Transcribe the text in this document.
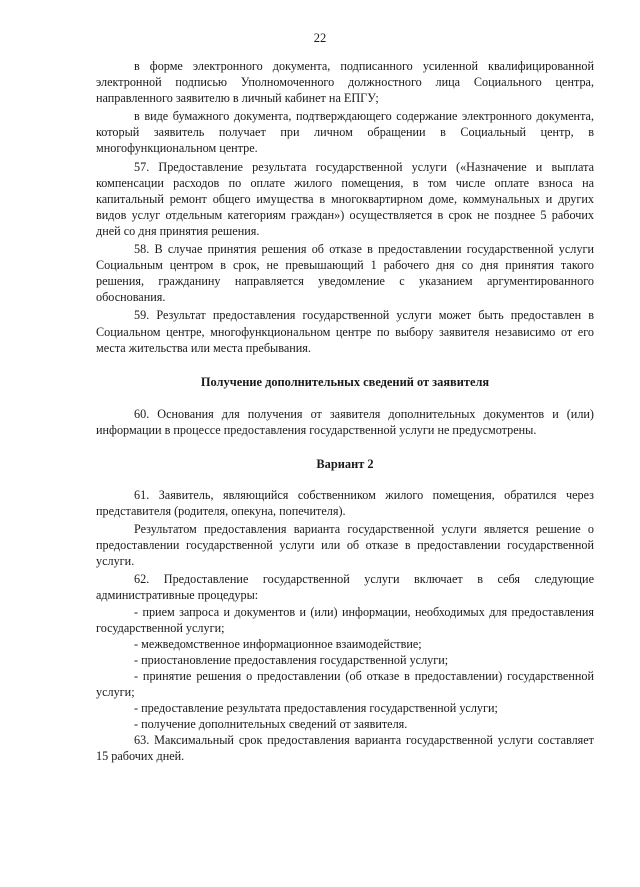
22

в форме электронного документа, подписанного усиленной квалифицированной электронной подписью Уполномоченного должностного лица Социального центра, направленного заявителю в личный кабинет на ЕПГУ;

в виде бумажного документа, подтверждающего содержание электронного документа, который заявитель получает при личном обращении в Социальный центр, в многофункциональном центре.

57. Предоставление результата государственной услуги («Назначение и выплата компенсации расходов по оплате жилого помещения, в том числе оплате взноса на капитальный ремонт общего имущества в многоквартирном доме, коммунальных и других видов услуг отдельным категориям граждан») осуществляется в срок не позднее 5 рабочих дней со дня принятия решения.

58. В случае принятия решения об отказе в предоставлении государственной услуги Социальным центром в срок, не превышающий 1 рабочего дня со дня принятия такого решения, гражданину направляется уведомление с указанием аргументированного обоснования.

59. Результат предоставления государственной услуги может быть предоставлен в Социальном центре, многофункциональном центре по выбору заявителя независимо от его места жительства или места пребывания.

Получение дополнительных сведений от заявителя

60. Основания для получения от заявителя дополнительных документов и (или) информации в процессе предоставления государственной услуги не предусмотрены.

Вариант 2

61. Заявитель, являющийся собственником жилого помещения, обратился через представителя (родителя, опекуна, попечителя).

Результатом предоставления варианта государственной услуги является решение о предоставлении государственной услуги или об отказе в предоставлении государственной услуги.

62. Предоставление государственной услуги включает в себя следующие административные процедуры:

- прием запроса и документов и (или) информации, необходимых для предоставления государственной услуги;

- межведомственное информационное взаимодействие;

- приостановление предоставления государственной услуги;

- принятие решения о предоставлении (об отказе в предоставлении) государственной услуги;

- предоставление результата предоставления государственной услуги;

- получение дополнительных сведений от заявителя.

63. Максимальный срок предоставления варианта государственной услуги составляет 15 рабочих дней.
